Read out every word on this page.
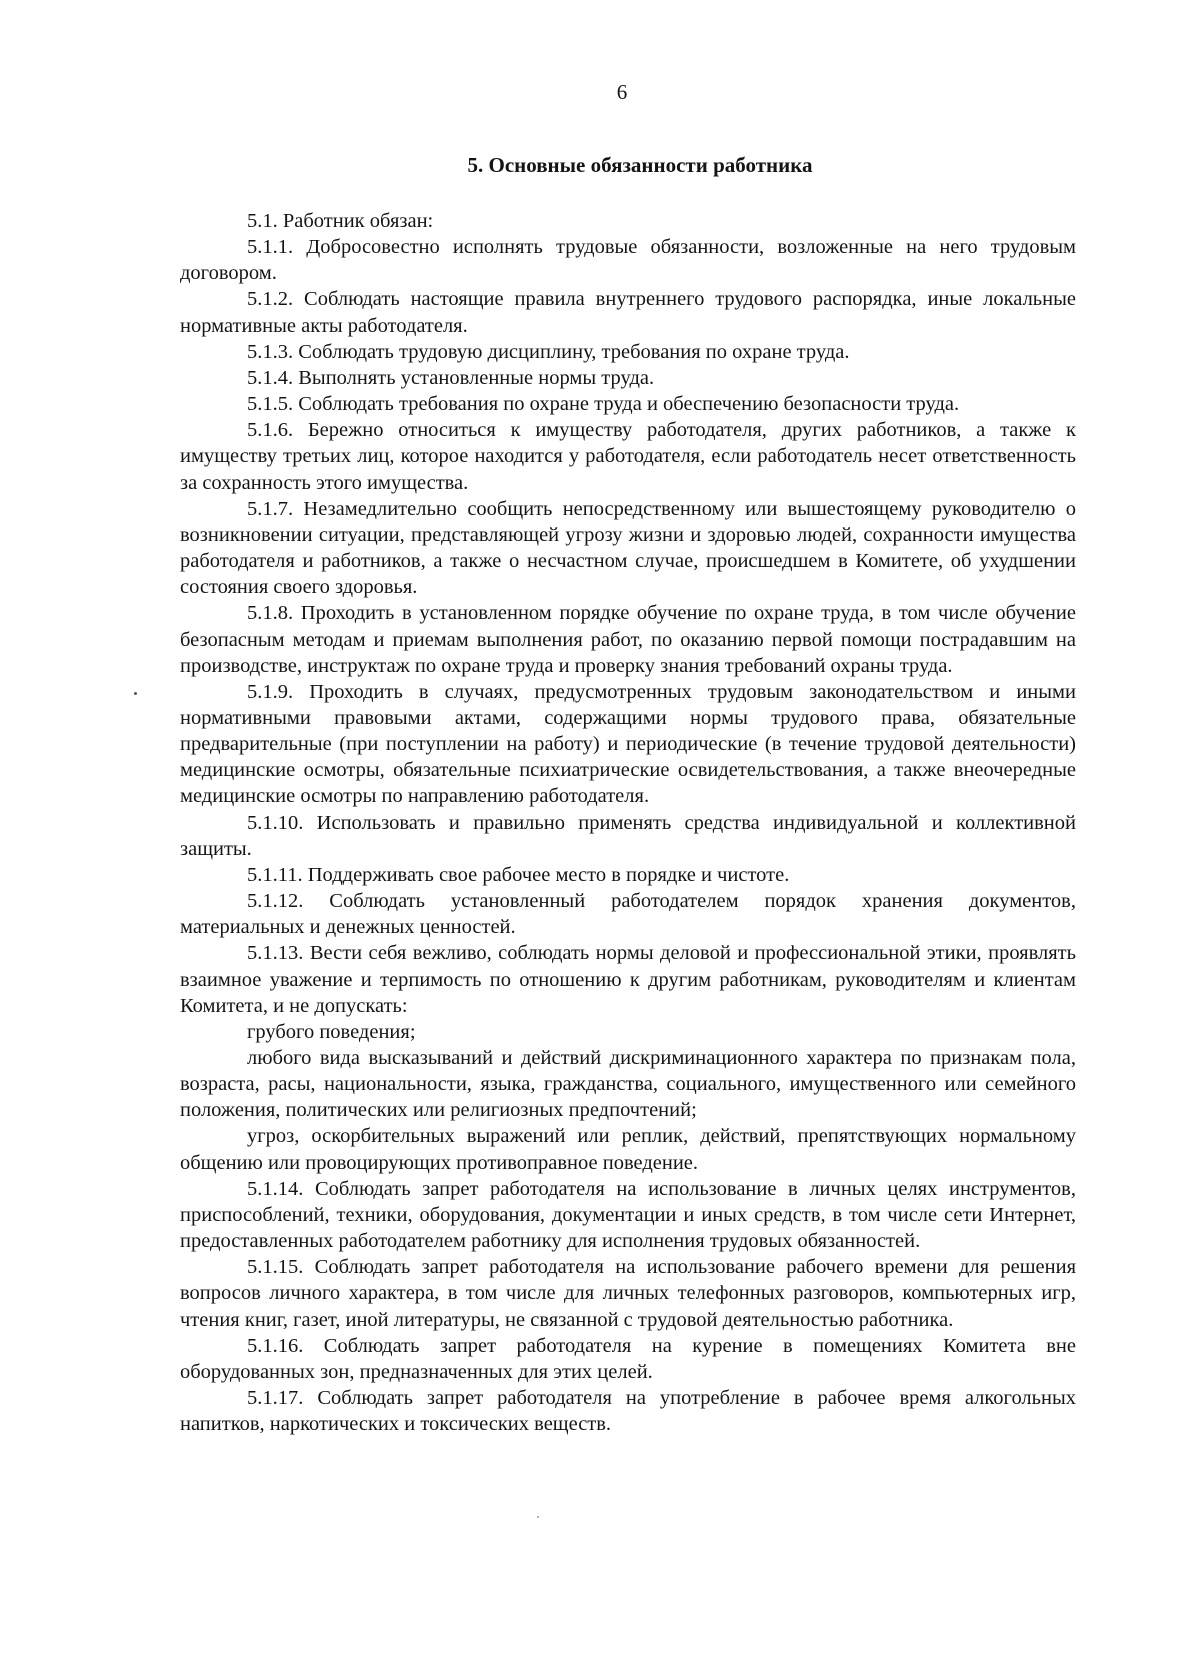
6
5. Основные обязанности работника

5.1. Работник обязан:

5.1.1. Добросовестно исполнять трудовые обязанности, возложенные на него трудовым договором.

5.1.2. Соблюдать настоящие правила внутреннего трудового распорядка, иные локальные нормативные акты работодателя.

5.1.3. Соблюдать трудовую дисциплину, требования по охране труда.

5.1.4. Выполнять установленные нормы труда.

5.1.5. Соблюдать требования по охране труда и обеспечению безопасности труда.

5.1.6. Бережно относиться к имуществу работодателя, других работников, а также к имуществу третьих лиц, которое находится у работодателя, если работодатель несет ответственность за сохранность этого имущества.

5.1.7. Незамедлительно сообщить непосредственному или вышестоящему руководителю о возникновении ситуации, представляющей угрозу жизни и здоровью людей, сохранности имущества работодателя и работников, а также о несчастном случае, происшедшем в Комитете, об ухудшении состояния своего здоровья.

5.1.8. Проходить в установленном порядке обучение по охране труда, в том числе обучение безопасным методам и приемам выполнения работ, по оказанию первой помощи пострадавшим на производстве, инструктаж по охране труда и проверку знания требований охраны труда.

5.1.9. Проходить в случаях, предусмотренных трудовым законодательством и иными нормативными правовыми актами, содержащими нормы трудового права, обязательные предварительные (при поступлении на работу) и периодические (в течение трудовой деятельности) медицинские осмотры, обязательные психиатрические освидетельствования, а также внеочередные медицинские осмотры по направлению работодателя.

5.1.10. Использовать и правильно применять средства индивидуальной и коллективной защиты.

5.1.11. Поддерживать свое рабочее место в порядке и чистоте.

5.1.12. Соблюдать установленный работодателем порядок хранения документов, материальных и денежных ценностей.

5.1.13. Вести себя вежливо, соблюдать нормы деловой и профессиональной этики, проявлять взаимное уважение и терпимость по отношению к другим работникам, руководителям и клиентам Комитета, и не допускать:

грубого поведения;

любого вида высказываний и действий дискриминационного характера по признакам пола, возраста, расы, национальности, языка, гражданства, социального, имущественного или семейного положения, политических или религиозных предпочтений;

угроз, оскорбительных выражений или реплик, действий, препятствующих нормальному общению или провоцирующих противоправное поведение.

5.1.14. Соблюдать запрет работодателя на использование в личных целях инструментов, приспособлений, техники, оборудования, документации и иных средств, в том числе сети Интернет, предоставленных работодателем работнику для исполнения трудовых обязанностей.

5.1.15. Соблюдать запрет работодателя на использование рабочего времени для решения вопросов личного характера, в том числе для личных телефонных разговоров, компьютерных игр, чтения книг, газет, иной литературы, не связанной с трудовой деятельностью работника.

5.1.16. Соблюдать запрет работодателя на курение в помещениях Комитета вне оборудованных зон, предназначенных для этих целей.

5.1.17. Соблюдать запрет работодателя на употребление в рабочее время алкогольных напитков, наркотических и токсических веществ.
